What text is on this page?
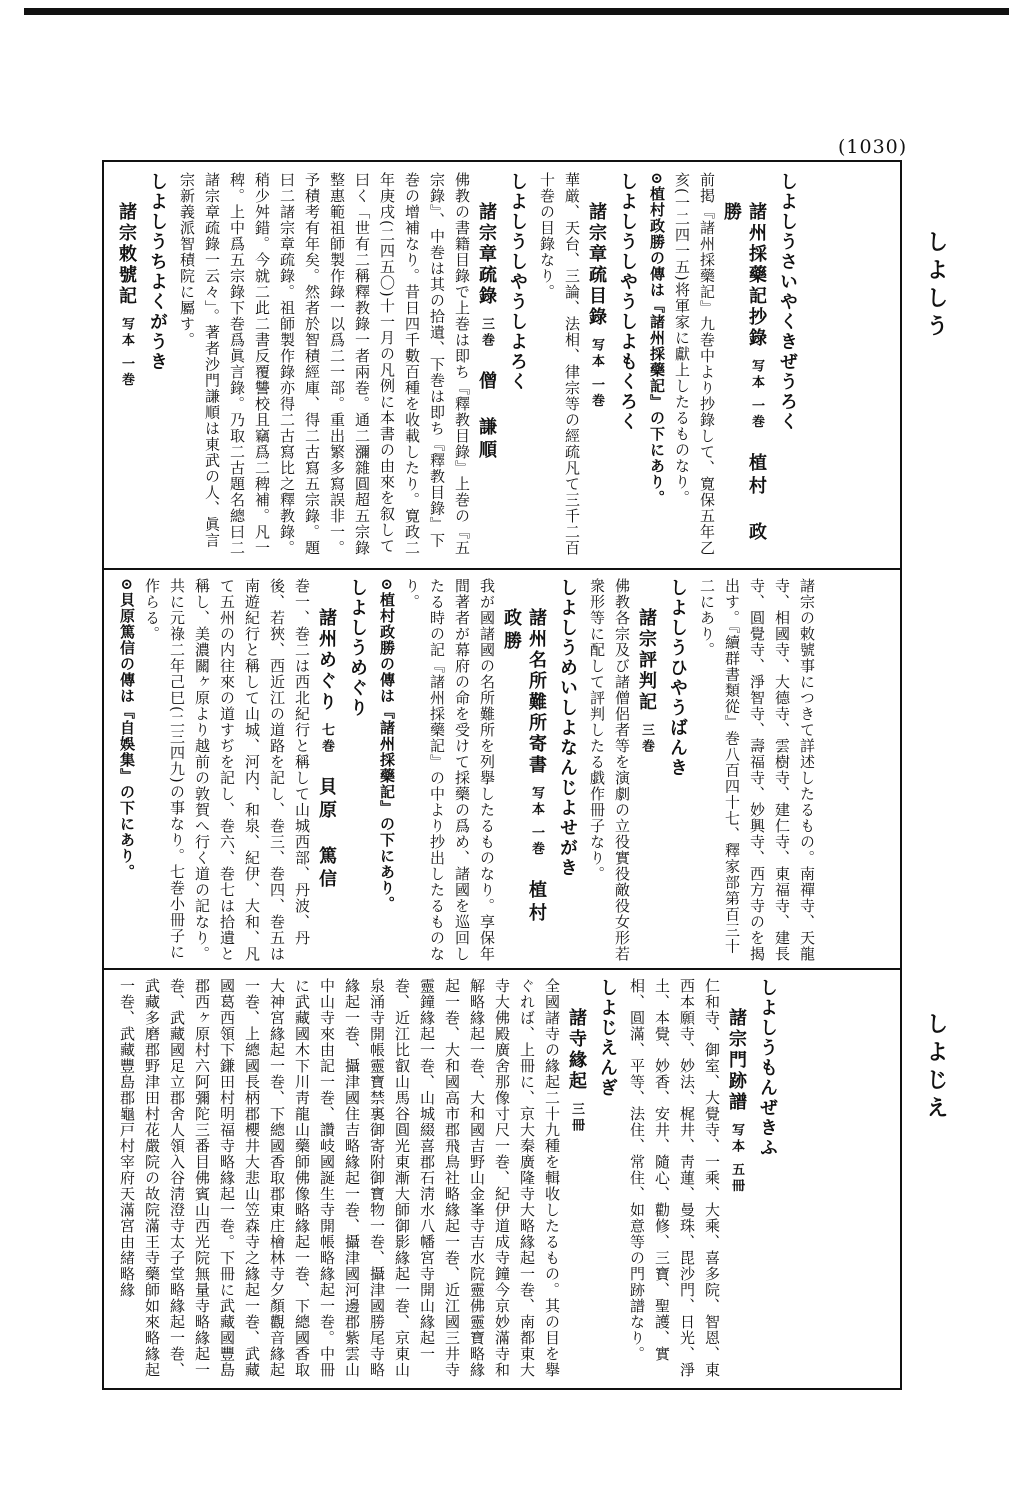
(1030)
しよしう
しよじえ
しよしうさいやくきぜうろく
諸州採藥記抄錄写本 一巻植村　政勝
前掲『諸州採藥記』九巻中より抄錄して、寛保五年乙亥(一二四一五)将軍家に獻上したるものなり。
⊙植村政勝の傳は『諸州採藥記』の下にあり。
しよしうしやうしよもくろく
諸宗章疏目錄写本 一巻
華厳、天台、三論、法相、律宗等の經疏凡て三千二百十巻の目錄なり。
しよしうしやうしよろく
諸宗章疏錄三巻僧　謙順
佛教の書籍目錄で上巻は即ち『釋教目錄』上巻の『五宗錄』、中巻は其の拾遺、下巻は即ち『釋教目錄』下巻の增補なり。昔日四千數百種を收載したり。寛政二年庚戌(二四五〇)十一月の凡例に本書の由來を叙して曰く「世有二稱釋教錄一者兩巻。通二瀰雜圓超五宗錄整惠範祖師製作錄一以爲二一部。重出繁多寫誤非一。予積考有年矣。然者於智積經庫、得二古寫五宗錄。題曰二諸宗章疏錄。祖師製作錄亦得二古寫比之釋教錄。稍少舛錯。今就二此二書反覆讐校且竊爲二稗補。凡一稗。上中爲五宗錄下巻爲眞言錄。乃取二古題名總曰二諸宗章疏錄一云々」。著者沙門謙順は東武の人、眞言宗新義派智積院に屬す。
しよしうちよくがうき
諸宗敕號記写本 一巻
諸宗の敕號事につきて詳述したるもの。南禪寺、天龍寺、相國寺、大德寺、雲樹寺、建仁寺、東福寺、建長寺、圓覺寺、淨智寺、壽福寺、妙興寺、西方寺のを揭出す。『續群書類從』巻八百四十七、釋家部第百三十二にあり。
しよしうひやうばんき
諸宗評判記三巻
佛教各宗及び諸僧侶者等を演劇の立役實役敵役女形若衆形等に配して評判したる戯作冊子なり。
しよしうめいしよなんじよせがき
諸州名所難所寄書写本 一巻植村　政勝
我が國諸國の名所難所を列擧したるものなり。享保年間著者が幕府の命を受けて採藥の爲め、諸國を巡回したる時の記『諸州採藥記』の中より抄出したるものなり。
⊙植村政勝の傳は『諸州採藥記』の下にあり。
しよしうめぐり
諸州めぐり七巻貝原　篤信
巻一、巻二は西北紀行と稱して山城西部、丹波、丹後、若狹、西近江の道路を記し、巻三、巻四、巻五は南遊紀行と稱して山城、河内、和泉、紀伊、大和、凡て五州の内往來の道すぢを記し、巻六、巻七は拾遺と稱し、美濃關ヶ原より越前の敦賀へ行く道の記なり。共に元祿二年己巳(二三四九)の事なり。七巻小冊子に作らる。
⊙貝原篤信の傳は『自娛集』の下にあり。
しよしうもんぜきふ
諸宗門跡譜写本 五冊
仁和寺、御室、大覺寺、一乘、大乘、喜多院、智恩、東西本願寺、妙法、梶井、靑蓮、曼珠、毘沙門、日光、淨土、本覺、妙香、安井、隨心、勸修、三寶、聖護、實相、圓滿、平等、法住、常住、如意等の門跡譜なり。
しよじえんぎ
諸寺緣起三冊
全國諸寺の緣起二十九種を輯收したるもの。其の目を擧ぐれば、上冊に、京大秦廣隆寺大略緣起一巻、南都東大寺大佛殿廣舍那像寸尺一巻、紀伊道成寺鐘今京妙滿寺和解略緣起一巻、大和國吉野山金峯寺吉水院靈佛靈寶略緣起一巻、大和國高市郡飛鳥社略緣起一巻、近江國三井寺靈鐘緣起一巻、山城綴喜郡石淸水八幡宮寺開山緣起一巻、近江比叡山馬谷圓光東漸大師御影緣起一巻、京東山泉涌寺開帳靈寶禁裏御寄附御寶物一巻、攝津國勝尾寺略緣起一巻、攝津國住吉略緣起一巻、攝津國河邊郡紫雲山中山寺來由記一巻、讚岐國誕生寺開帳略緣起一巻。中冊に武藏國木下川靑龍山藥師佛像略緣起一巻、下總國香取大神宮緣起一巻、下總國香取郡東庄檜林寺夕顏觀音緣起一巻、上總國長柄郡櫻井大悲山笠森寺之緣起一巻、武藏國葛西領下鎌田村明福寺略緣起一巻。下冊に武藏國豐島郡西ヶ原村六阿彌陀三番目佛賓山西光院無量寺略緣起一巻、武藏國足立郡舍人領入谷淸澄寺太子堂略緣起一巻、武藏多磨郡野津田村花嚴院の故院滿王寺藥師如來略緣起一巻、武藏豐島郡龜戸村宰府天滿宮由緒略緣
